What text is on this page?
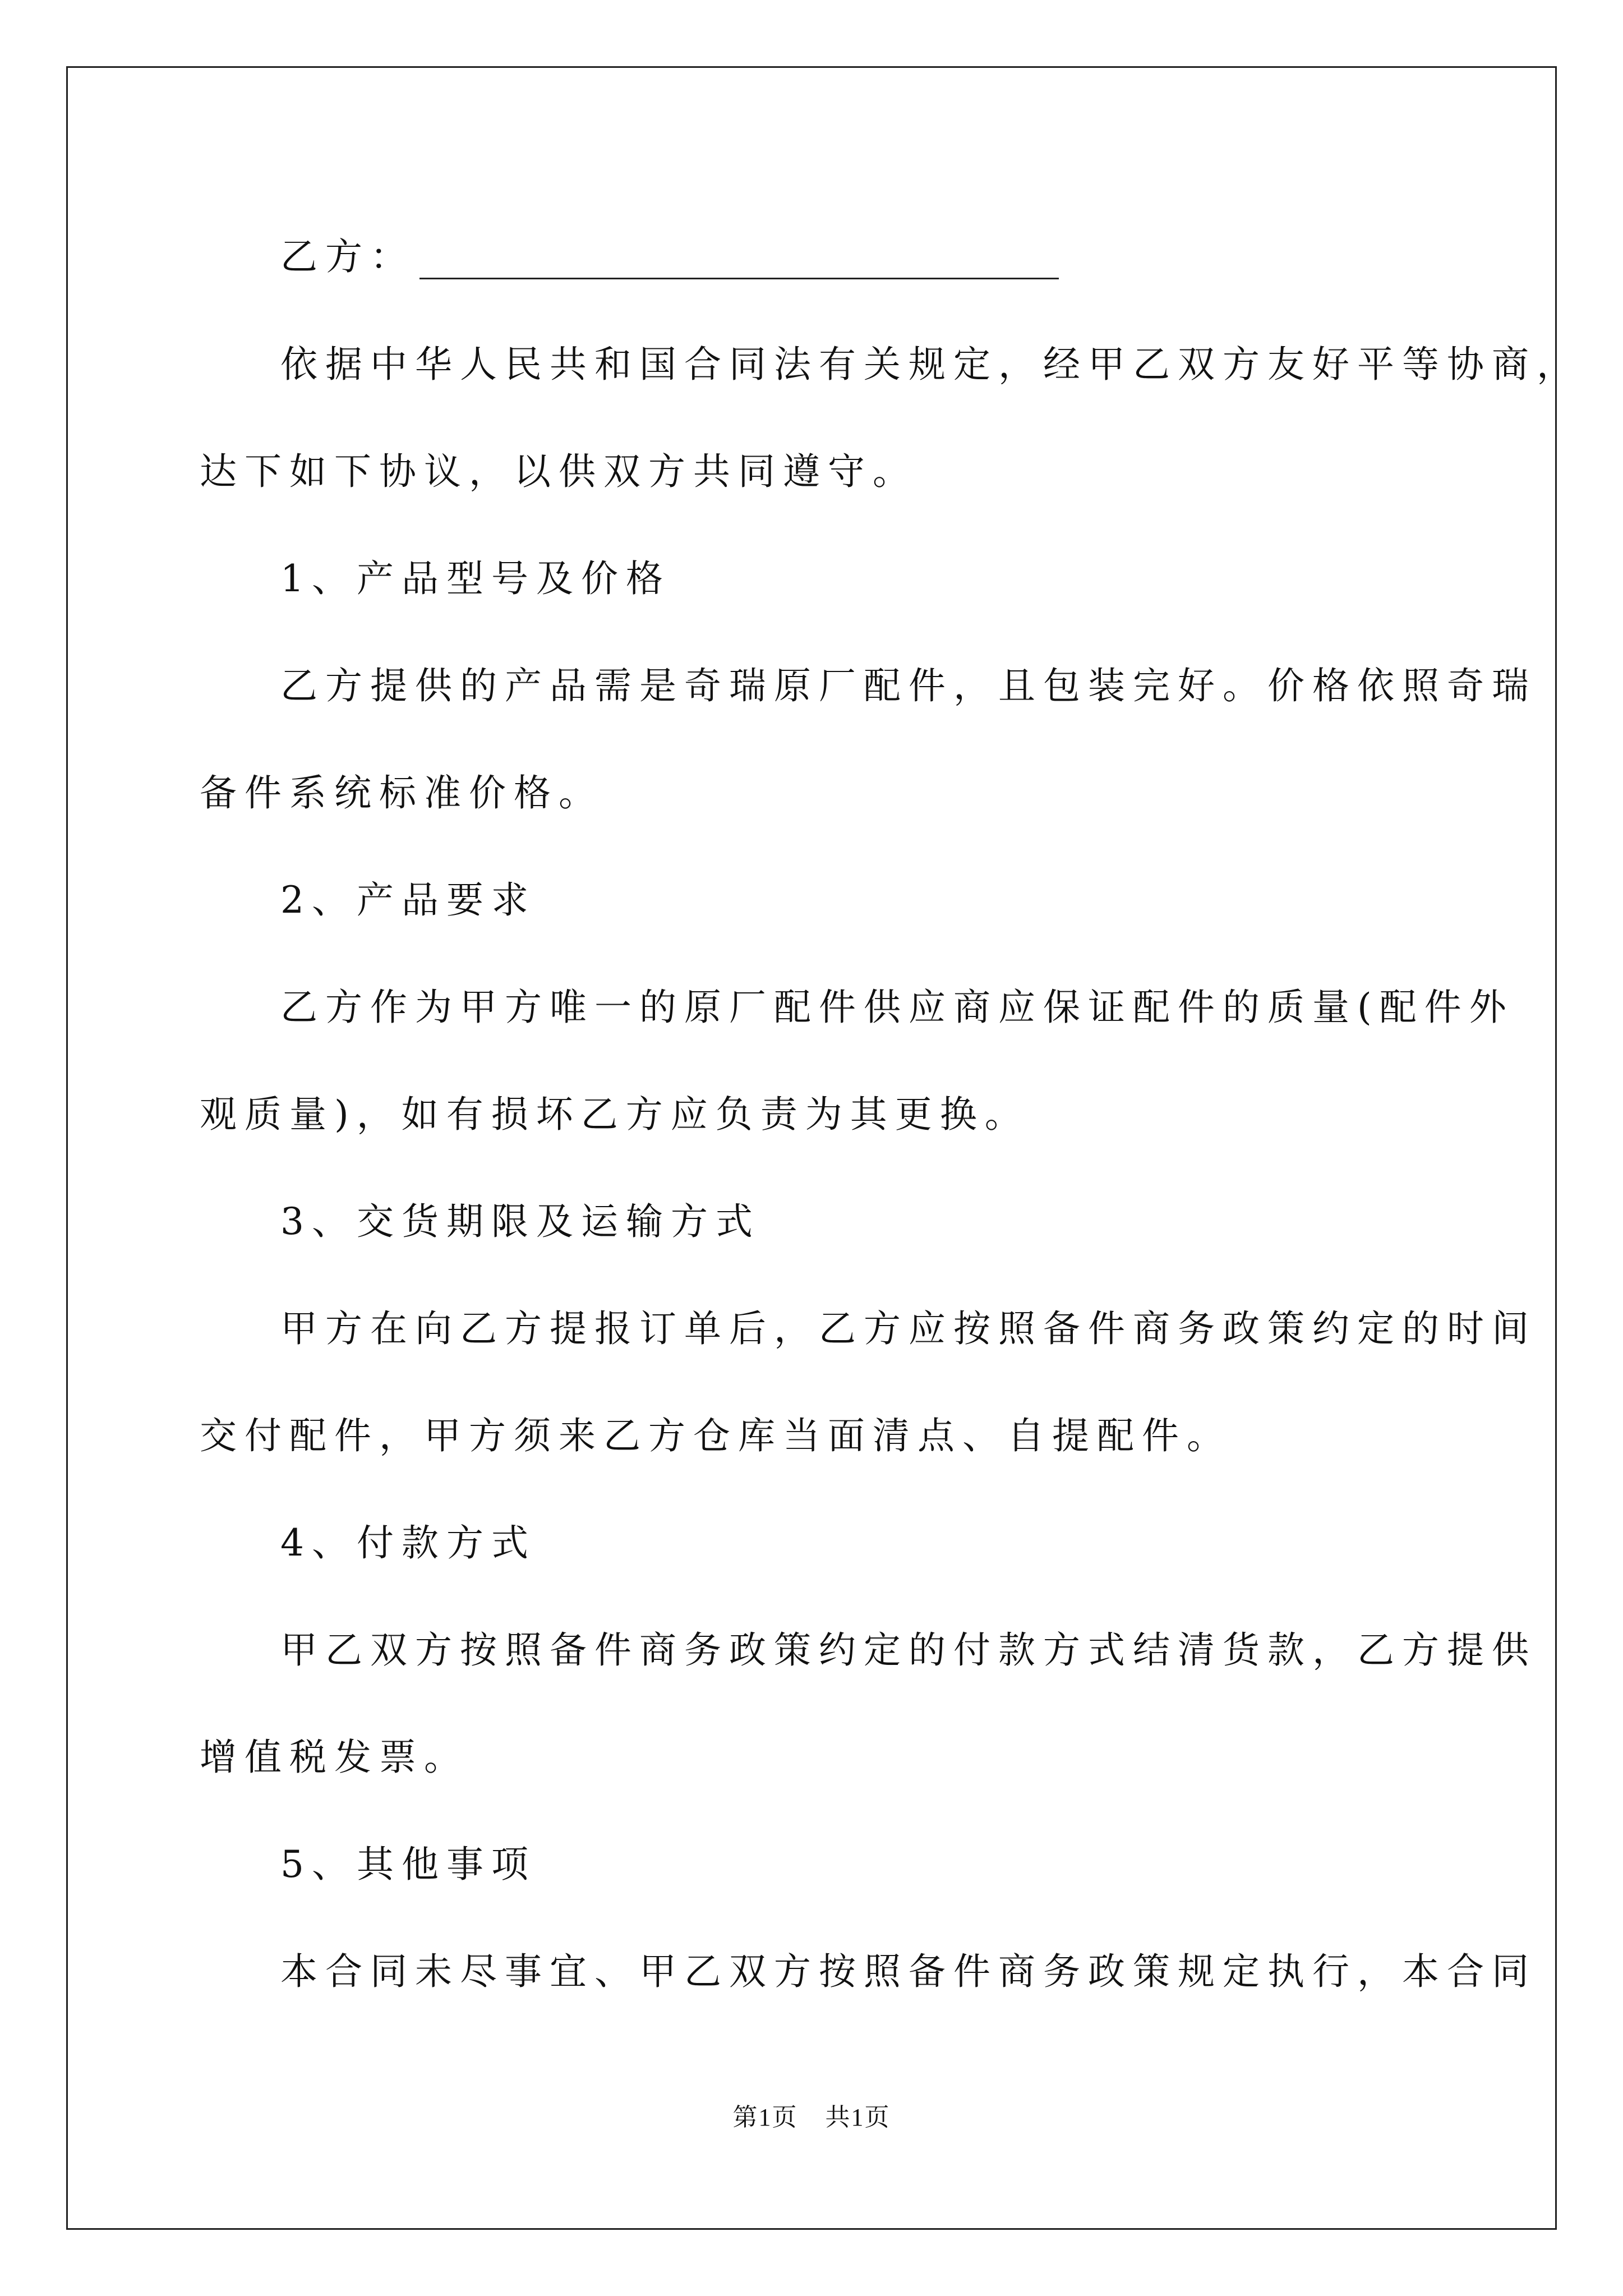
乙方：
依据中华人民共和国合同法有关规定，经甲乙双方友好平等协商，
达下如下协议，以供双方共同遵守。
1、产品型号及价格
乙方提供的产品需是奇瑞原厂配件，且包装完好。价格依照奇瑞
备件系统标准价格。
2、产品要求
乙方作为甲方唯一的原厂配件供应商应保证配件的质量(配件外
观质量)，如有损坏乙方应负责为其更换。
3、交货期限及运输方式
甲方在向乙方提报订单后，乙方应按照备件商务政策约定的时间
交付配件，甲方须来乙方仓库当面清点、自提配件。
4、付款方式
甲乙双方按照备件商务政策约定的付款方式结清货款，乙方提供
增值税发票。
5、其他事项
本合同未尽事宜、甲乙双方按照备件商务政策规定执行，本合同
第1页 共1页
